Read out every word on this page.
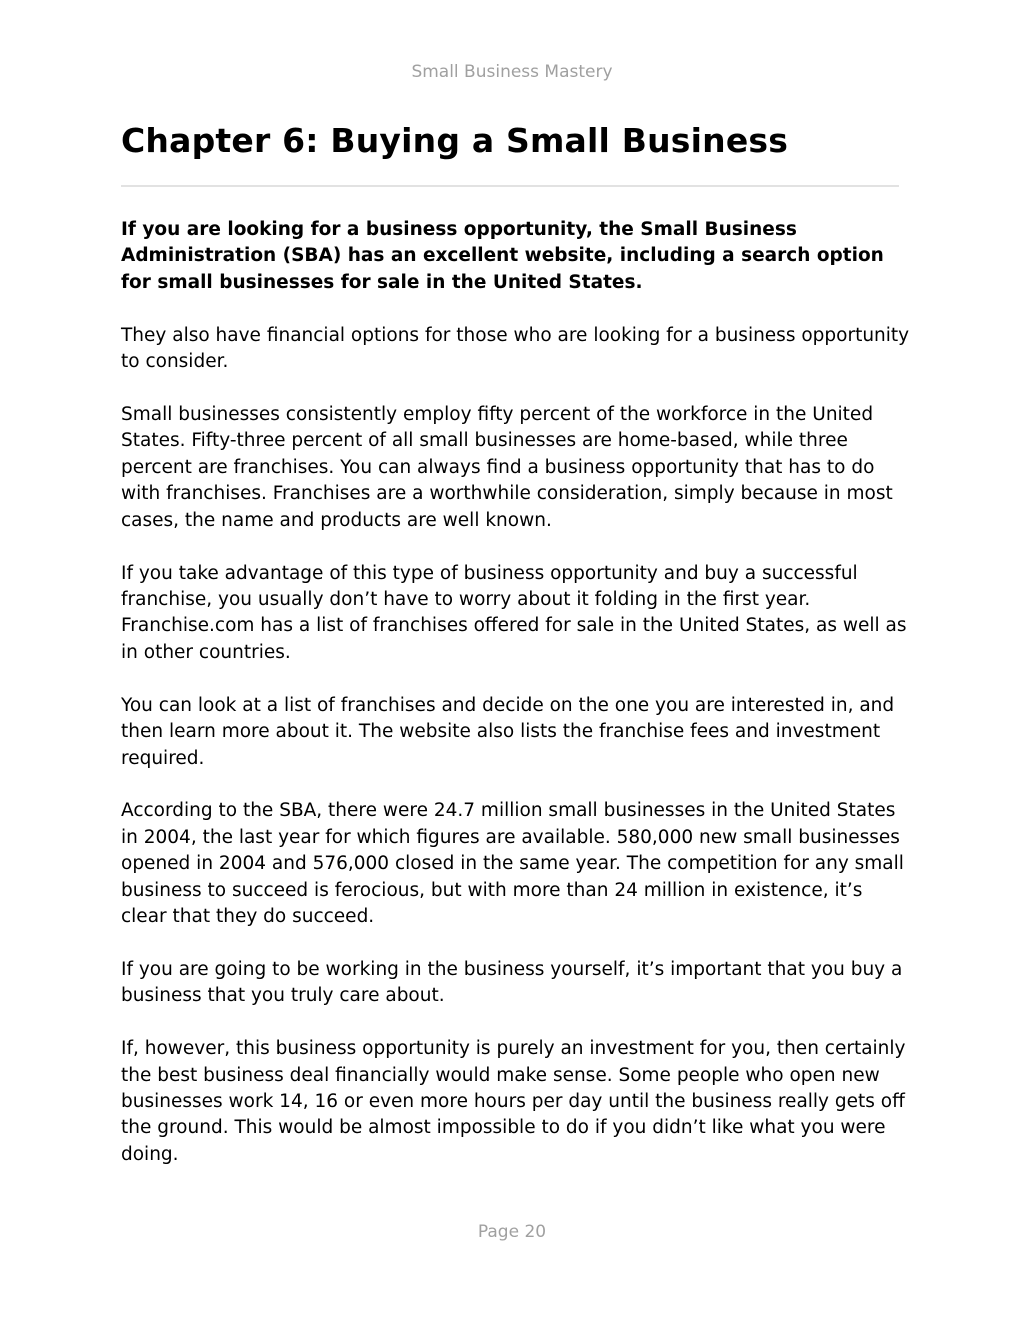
Small Business Mastery
Chapter 6: Buying a Small Business

If you are looking for a business opportunity, the Small Business Administration (SBA) has an excellent website, including a search option for small businesses for sale in the United States.

They also have financial options for those who are looking for a business opportunity to consider.

Small businesses consistently employ fifty percent of the workforce in the United States. Fifty-three percent of all small businesses are home-based, while three percent are franchises. You can always find a business opportunity that has to do with franchises. Franchises are a worthwhile consideration, simply because in most cases, the name and products are well known.

If you take advantage of this type of business opportunity and buy a successful franchise, you usually don’t have to worry about it folding in the first year. Franchise.com has a list of franchises offered for sale in the United States, as well as in other countries.

You can look at a list of franchises and decide on the one you are interested in, and then learn more about it. The website also lists the franchise fees and investment required.

According to the SBA, there were 24.7 million small businesses in the United States in 2004, the last year for which figures are available. 580,000 new small businesses opened in 2004 and 576,000 closed in the same year. The competition for any small business to succeed is ferocious, but with more than 24 million in existence, it’s clear that they do succeed.

If you are going to be working in the business yourself, it’s important that you buy a business that you truly care about.

If, however, this business opportunity is purely an investment for you, then certainly the best business deal financially would make sense. Some people who open new businesses work 14, 16 or even more hours per day until the business really gets off the ground. This would be almost impossible to do if you didn’t like what you were doing.

Page 20
